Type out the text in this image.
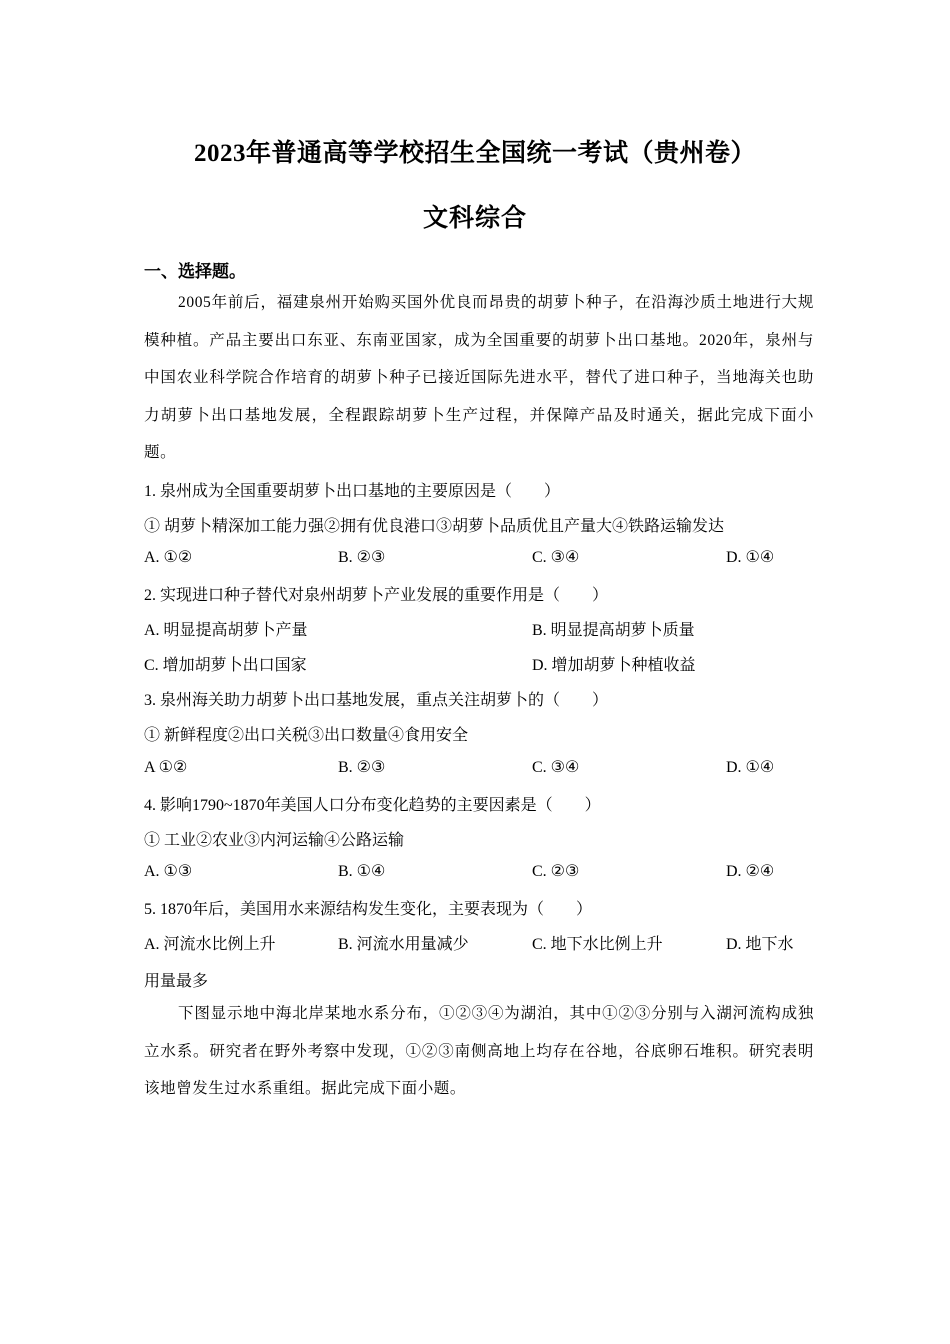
2023年普通高等学校招生全国统一考试（贵州卷）
文科综合
一、选择题。
2005年前后，福建泉州开始购买国外优良而昂贵的胡萝卜种子，在沿海沙质土地进行大规模种植。产品主要出口东亚、东南亚国家，成为全国重要的胡萝卜出口基地。2020年，泉州与中国农业科学院合作培育的胡萝卜种子已接近国际先进水平，替代了进口种子，当地海关也助力胡萝卜出口基地发展，全程跟踪胡萝卜生产过程，并保障产品及时通关，据此完成下面小题。
1. 泉州成为全国重要胡萝卜出口基地的主要原因是（　　）
① 胡萝卜精深加工能力强②拥有优良港口③胡萝卜品质优且产量大④铁路运输发达
A. ①②	B. ②③	C. ③④	D. ①④
2. 实现进口种子替代对泉州胡萝卜产业发展的重要作用是（　　）
A. 明显提高胡萝卜产量	B. 明显提高胡萝卜质量
C. 增加胡萝卜出口国家	D. 增加胡萝卜种植收益
3. 泉州海关助力胡萝卜出口基地发展，重点关注胡萝卜的（　　）
① 新鲜程度②出口关税③出口数量④食用安全
A ①②	B. ②③	C. ③④	D. ①④
4. 影响1790~1870年美国人口分布变化趋势的主要因素是（　　）
① 工业②农业③内河运输④公路运输
A. ①③	B. ①④	C. ②③	D. ②④
5. 1870年后，美国用水来源结构发生变化，主要表现为（　　）
A. 河流水比例上升	B. 河流水用量减少	C. 地下水比例上升	D. 地下水
用量最多
下图显示地中海北岸某地水系分布，①②③④为湖泊，其中①②③分别与入湖河流构成独立水系。研究者在野外考察中发现，①②③南侧高地上均存在谷地，谷底卵石堆积。研究表明该地曾发生过水系重组。据此完成下面小题。
